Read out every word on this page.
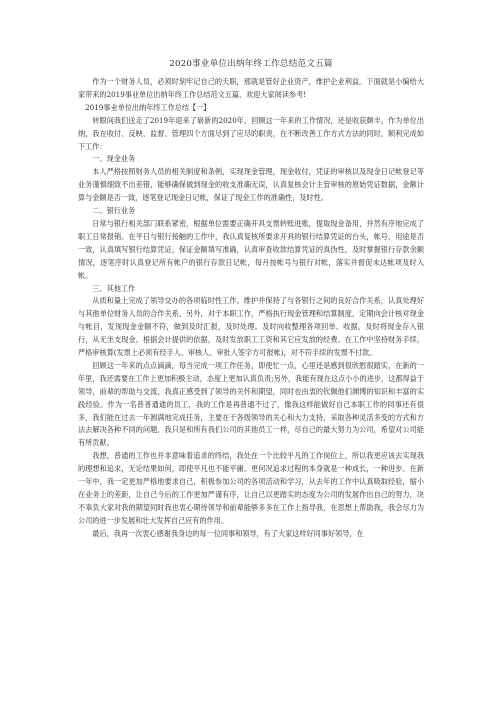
2020事业单位出纳年终工作总结范文五篇

作为一个财务人员，必须时刻牢记自己的天职，那就是管好企业资产，维护企业利益。下面就是小编给大家带来的2019事业单位出纳年终工作总结范文五篇，欢迎大家阅读参考!

2019事业单位出纳年终工作总结【一】

转眼间我们送走了2019年迎来了崭新的2020年，回顾这一年来的工作情况，还是收获颇丰，作为单位出纳，我在收付、反映、监督、管理四个方面尽到了应尽的职责，在不断改善工作方式方法的同时，顺利完成如下工作：

一、现金业务

本人严格按照财务人员的相关制度和条例，实现现金管理，现金收付，凭证的审核以及现金日记帐登记等业务谨慎细致不出差错，能够确保做到现金的收支准确无误，认真复核会计主管审核的原始凭证数据，金额计算与金额是否一致，逐笔登记现金日记帐，保证了现金工作的准确性，及时性。

二、银行业务

日常与银行相关部门联系紧密，根据单位需要正确开具支票转账进账，提取现金备用，井然有序地完成了职工日常报销。在平日与银行接触的工作中，我认真复核所要求开具的银行结算凭证的台头，帐号，用途是否一致，认真填写银行结算凭证，保证金额填写准确，认真审查收款结算凭证的真伪性，及时掌握银行存款余额情况，逐笔序时认真登记所有帐户的银行存款日记帐，每月按帐号与银行对帐，落实并督促未达帐项及时入帐。

三、其他工作

从质和量上完成了领导交办的各项临时性工作。维护并保持了与各银行之间的良好合作关系，认真处理好与其他单位财务人员的合作关系，另外，对于本职工作，严格执行现金管理和结算制度，定期向会计核对现金与帐目，发现现金金额不符，做到及时汇报，及时处理。及时向收整理各项回单、收据，及时将现金存入银行，从无坐支现金。根据会计提供的依据，及时发放职工工资和其它应发放的经费。在工作中坚持财务手续，严格审核算(发票上必须有经手人、审核人、审批人签字方可报帐)，对不符手续的发票不付款。

回顾这一年来的点点滴滴，每当完成一项工作任务，即使忙一点，心里还是感到很欣慰很踏实，在新的一年里，我还需要在工作上更加积极主动，态度上更加认真负责;另外，我能有现在这点小小的进步，这都得益于领导，前辈的帮助与交流，我真正感受到了领导的关怀和期望，同时也由衷的钦佩他们渊博的知识和丰富的实践经验。作为一名普普通通的员工，我的工作是再普通不过了，像我这样能做好自己本职工作的同事还有很多，我们能在过去一年圆满地完成任务，主要在于各级领导的关心和大力支持，采取各种灵活多变的方式和方法去解决各种不同的问题，我只是和所有我们公司的其他员工一样，尽自己的最大努力为公司，希望对公司能有所贡献。

我想，普通的工作也并非意味着追求的终结，我处在一个比较平凡的工作岗位上，所以我更应该去实现我的理想和追求，无论结果如何，即使平凡也不能平庸。更何况追求过程的本身就是一种成长，一种进步。在新一年中，我一定更加严格地要求自己，积极参加公司的各项活动和学习，从去年的工作中认真吸取经验，缩小在业务上的差距，让自己今后的工作更加严谨有序，让自己以更踏实的态度为公司的发展作出自己的努力，决不辜负大家对我的期望同时我也衷心期待领导和前辈能够多多在工作上指导我，在思想上帮助我，我会尽力为公司的进一步发展和壮大发挥自己应有的作用。

最后，我再一次衷心感谢我身边的每一位同事和领导，有了大家这样好同事好领导，在
